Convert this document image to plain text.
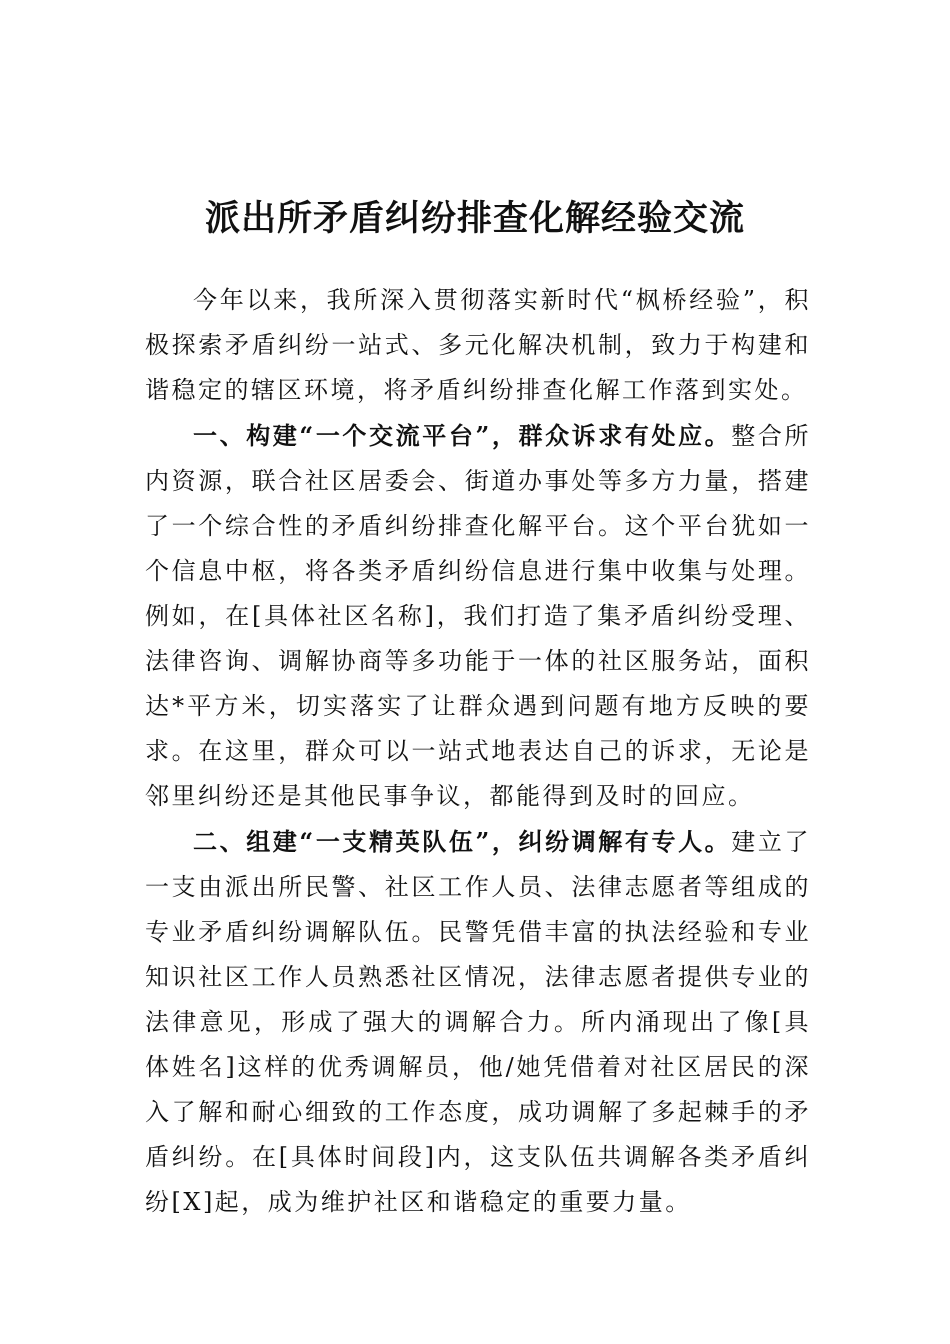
派出所矛盾纠纷排查化解经验交流

今年以来，我所深入贯彻落实新时代“枫桥经验”，积极探索矛盾纠纷一站式、多元化解决机制，致力于构建和谐稳定的辖区环境，将矛盾纠纷排查化解工作落到实处。

一、构建“一个交流平台”，群众诉求有处应。整合所内资源，联合社区居委会、街道办事处等多方力量，搭建了一个综合性的矛盾纠纷排查化解平台。这个平台犹如一个信息中枢，将各类矛盾纠纷信息进行集中收集与处理。例如，在[具体社区名称]，我们打造了集矛盾纠纷受理、法律咨询、调解协商等多功能于一体的社区服务站，面积达*平方米，切实落实了让群众遇到问题有地方反映的要求。在这里，群众可以一站式地表达自己的诉求，无论是邻里纠纷还是其他民事争议，都能得到及时的回应。

二、组建“一支精英队伍”，纠纷调解有专人。建立了一支由派出所民警、社区工作人员、法律志愿者等组成的专业矛盾纠纷调解队伍。民警凭借丰富的执法经验和专业知识社区工作人员熟悉社区情况，法律志愿者提供专业的法律意见，形成了强大的调解合力。所内涌现出了像[具体姓名]这样的优秀调解员，他/她凭借着对社区居民的深入了解和耐心细致的工作态度，成功调解了多起棘手的矛盾纠纷。在[具体时间段]内，这支队伍共调解各类矛盾纠纷[X]起，成为维护社区和谐稳定的重要力量。
